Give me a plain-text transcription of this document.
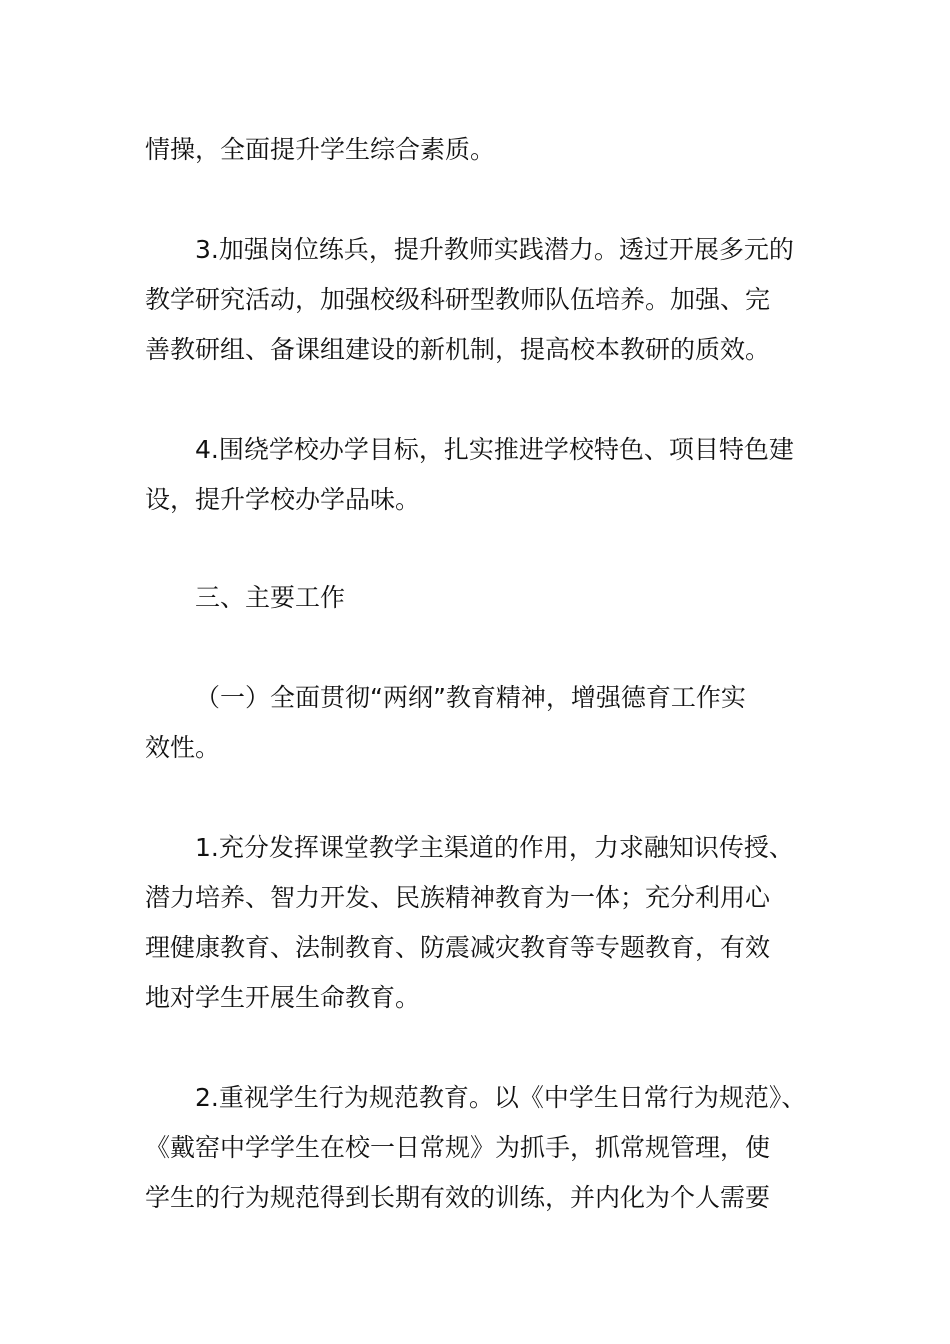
情操，全面提升学生综合素质。
3.加强岗位练兵，提升教师实践潜力。透过开展多元的
教学研究活动，加强校级科研型教师队伍培养。加强、完
善教研组、备课组建设的新机制，提高校本教研的质效。
4.围绕学校办学目标，扎实推进学校特色、项目特色建
设，提升学校办学品味。
三、主要工作
（一）全面贯彻“两纲”教育精神，增强德育工作实
效性。
1.充分发挥课堂教学主渠道的作用，力求融知识传授、
潜力培养、智力开发、民族精神教育为一体；充分利用心
理健康教育、法制教育、防震减灾教育等专题教育，有效
地对学生开展生命教育。
2.重视学生行为规范教育。以《中学生日常行为规范》、
《戴窑中学学生在校一日常规》为抓手，抓常规管理，使
学生的行为规范得到长期有效的训练，并内化为个人需要
